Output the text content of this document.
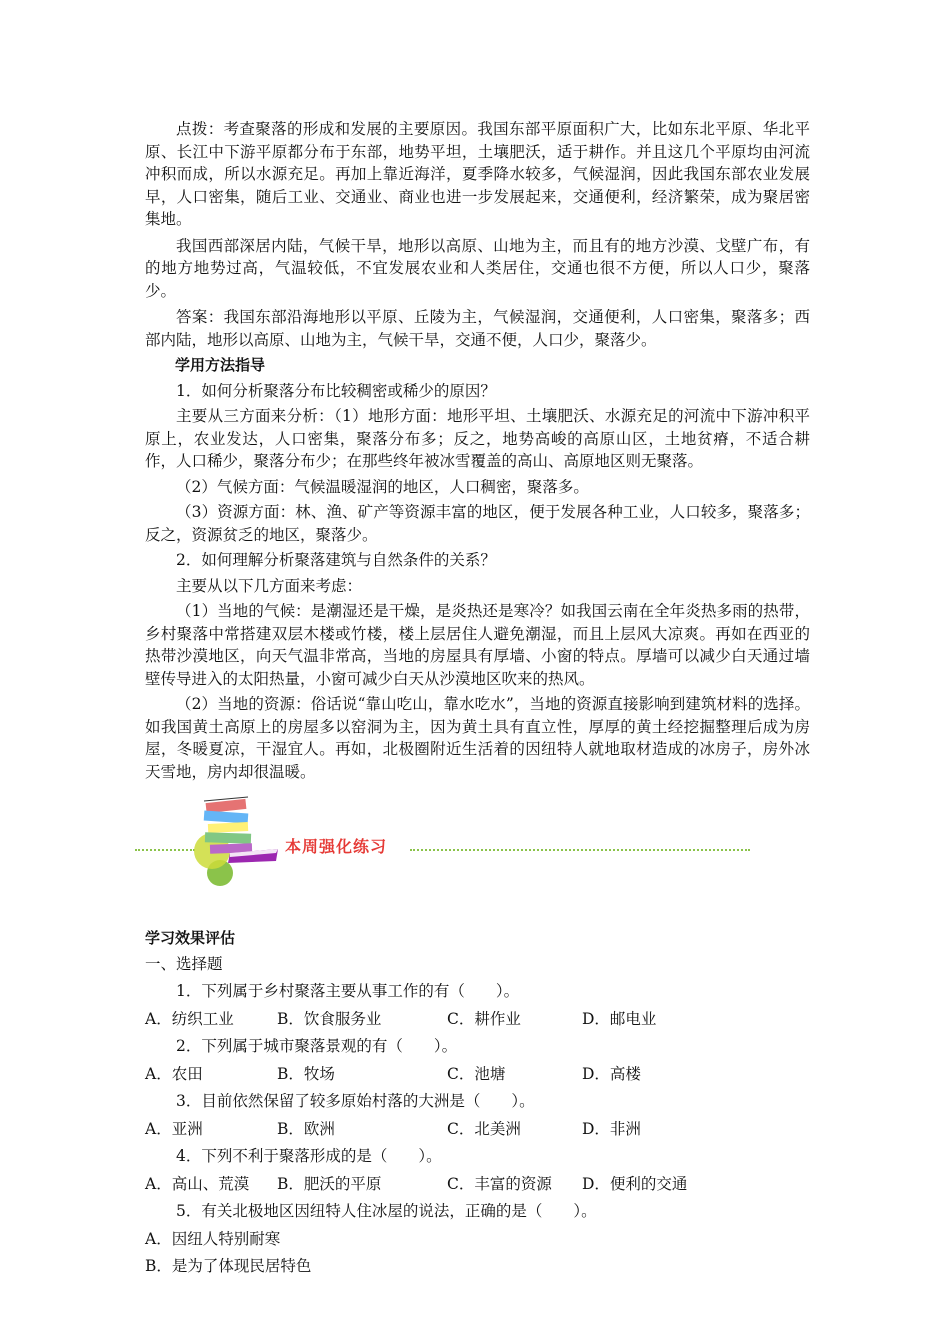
点拨：考查聚落的形成和发展的主要原因。我国东部平原面积广大，比如东北平原、华北平原、长江中下游平原都分布于东部，地势平坦，土壤肥沃，适于耕作。并且这几个平原均由河流冲积而成，所以水源充足。再加上靠近海洋，夏季降水较多，气候湿润，因此我国东部农业发展早，人口密集，随后工业、交通业、商业也进一步发展起来，交通便利，经济繁荣，成为聚居密集地。

我国西部深居内陆，气候干旱，地形以高原、山地为主，而且有的地方沙漠、戈壁广布，有的地方地势过高，气温较低，不宜发展农业和人类居住，交通也很不方便，所以人口少，聚落少。

答案：我国东部沿海地形以平原、丘陵为主，气候湿润，交通便利，人口密集，聚落多；西部内陆，地形以高原、山地为主，气候干旱，交通不便，人口少，聚落少。

学用方法指导

1．如何分析聚落分布比较稠密或稀少的原因？

主要从三方面来分析：（1）地形方面：地形平坦、土壤肥沃、水源充足的河流中下游冲积平原上，农业发达，人口密集，聚落分布多；反之，地势高峻的高原山区，土地贫瘠，不适合耕作，人口稀少，聚落分布少；在那些终年被冰雪覆盖的高山、高原地区则无聚落。

（2）气候方面：气候温暖湿润的地区，人口稠密，聚落多。

（3）资源方面：林、渔、矿产等资源丰富的地区，便于发展各种工业，人口较多，聚落多；反之，资源贫乏的地区，聚落少。

2．如何理解分析聚落建筑与自然条件的关系？

主要从以下几方面来考虑：

（1）当地的气候：是潮湿还是干燥，是炎热还是寒冷？如我国云南在全年炎热多雨的热带，乡村聚落中常搭建双层木楼或竹楼，楼上层居住人避免潮湿，而且上层风大凉爽。再如在西亚的热带沙漠地区，向天气温非常高，当地的房屋具有厚墙、小窗的特点。厚墙可以减少白天通过墙壁传导进入的太阳热量，小窗可减少白天从沙漠地区吹来的热风。

（2）当地的资源：俗话说“靠山吃山，靠水吃水”，当地的资源直接影响到建筑材料的选择。如我国黄土高原上的房屋多以窑洞为主，因为黄土具有直立性，厚厚的黄土经挖掘整理后成为房屋，冬暖夏凉，干湿宜人。再如，北极圈附近生活着的因纽特人就地取材造成的冰房子，房外冰天雪地，房内却很温暖。

本周强化练习

学习效果评估

一、选择题
1．下列属于乡村聚落主要从事工作的有（　　）。
A．纺织工业	B．饮食服务业	C．耕作业	D．邮电业
2．下列属于城市聚落景观的有（　　）。
A．农田	B．牧场	C．池塘	D．高楼
3．目前依然保留了较多原始村落的大洲是（　　）。
A．亚洲	B．欧洲	C．北美洲	D．非洲
4．下列不利于聚落形成的是（　　）。
A．高山、荒漠	B．肥沃的平原	C．丰富的资源	D．便利的交通
5．有关北极地区因纽特人住冰屋的说法，正确的是（　　）。
A．因纽人特别耐寒
B．是为了体现民居特色
